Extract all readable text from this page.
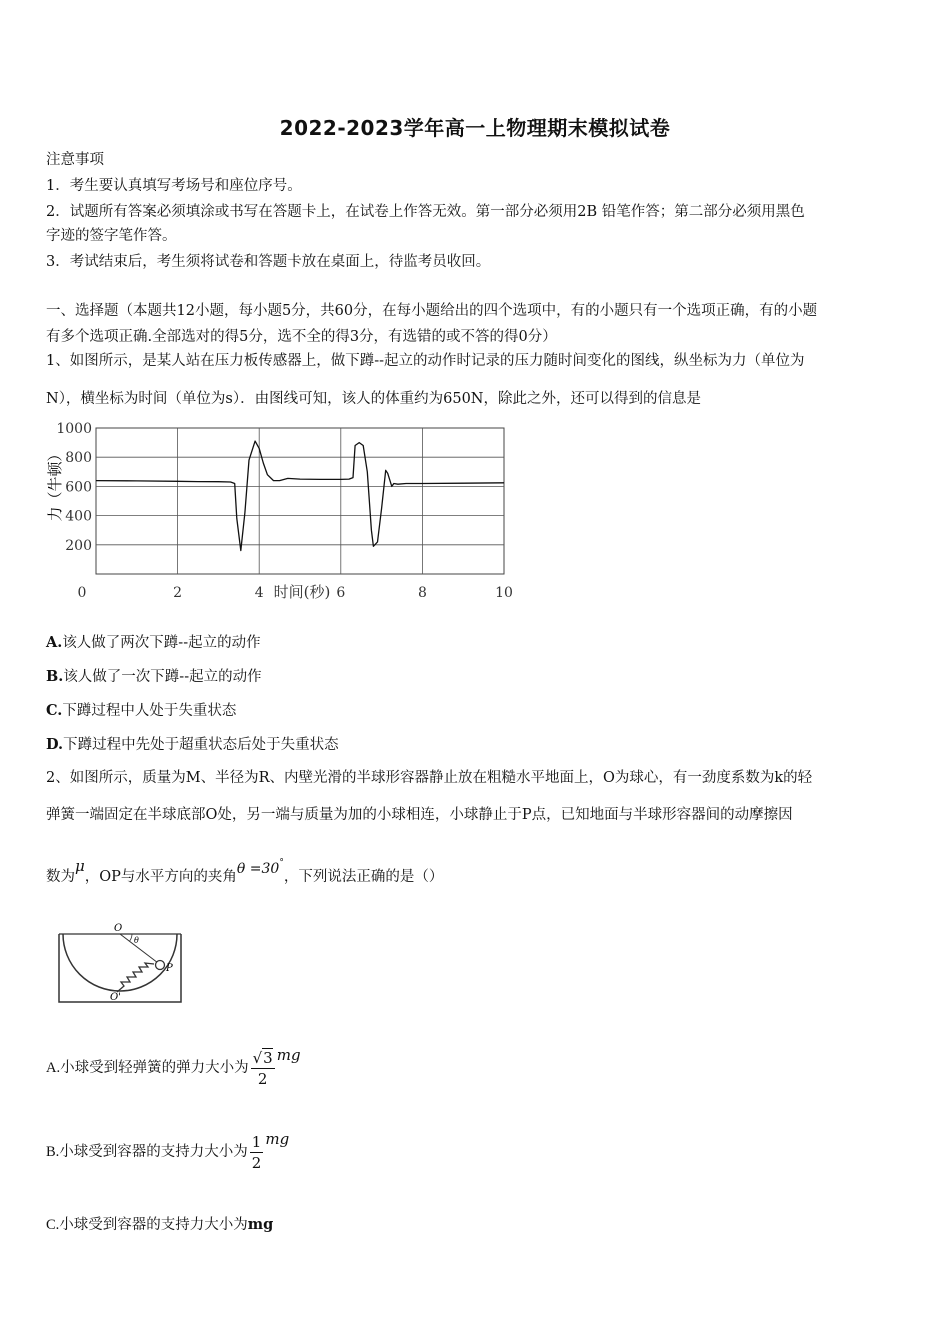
2022-2023学年高一上物理期末模拟试卷
注意事项
1．考生要认真填写考场号和座位序号。
2．试题所有答案必须填涂或书写在答题卡上，在试卷上作答无效。第一部分必须用2B 铅笔作答；第二部分必须用黑色
字迹的签字笔作答。
3．考试结束后，考生须将试卷和答题卡放在桌面上，待监考员收回。
一、选择题（本题共12小题，每小题5分，共60分，在每小题给出的四个选项中，有的小题只有一个选项正确，有的小题
有多个选项正确.全部选对的得5分，选不全的得3分，有选错的或不答的得0分）
1、如图所示，是某人站在压力板传感器上，做下蹲--起立的动作时记录的压力随时间变化的图线，纵坐标为力（单位为
N），横坐标为时间（单位为s）．由图线可知，该人的体重约为650N，除此之外，还可以得到的信息是
200
400
600
800
1000
0	2	4	6	8	10
时间(秒)
力（牛顿）
A.该人做了两次下蹲--起立的动作
B.该人做了一次下蹲--起立的动作
C.下蹲过程中人处于失重状态
D.下蹲过程中先处于超重状态后处于失重状态
2、如图所示，质量为M、半径为R、内壁光滑的半球形容器静止放在粗糙水平地面上，O为球心，有一劲度系数为k的轻
弹簧一端固定在半球底部O处，另一端与质量为加的小球相连，小球静止于P点，已知地面与半球形容器间的动摩擦因
数为μ，OP与水平方向的夹角θ =30°，下列说法正确的是（）
O
θ
P
O'
A.小球受到轻弹簧的弹力大小为 $\frac{√3}{2}$ mg
B.小球受到容器的支持力大小为 $\frac{1}{2}$ mg
C.小球受到容器的支持力大小为mg
